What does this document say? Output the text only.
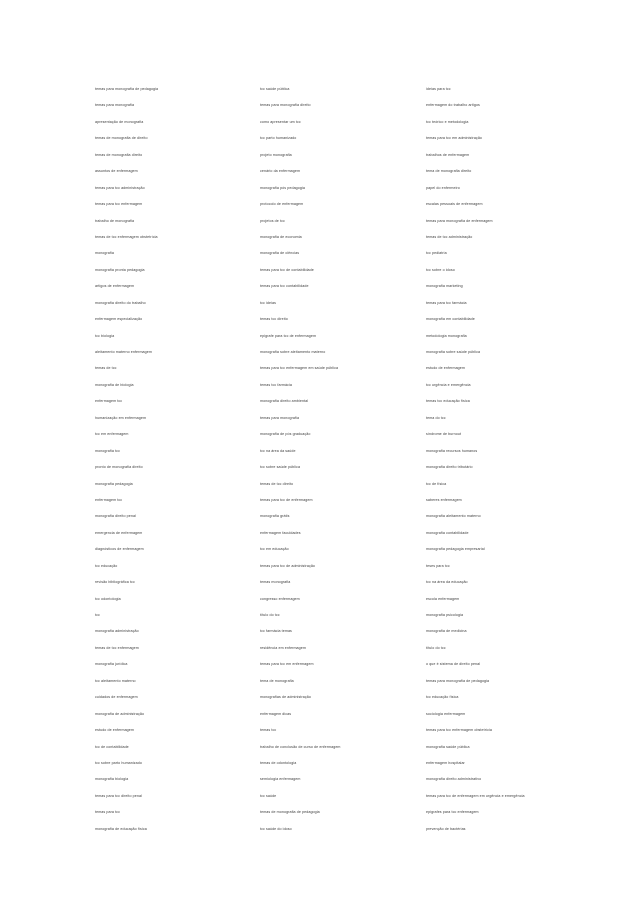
temas para monografia de pedagogia
temas para monografia
apresentação de monografia
temas de monografia de direito
temas de monografia direito
assuntos de enfermagem
temas para tcc administração
temas para tcc enfermagem
trabalho de monografia
temas de tcc enfermagem obstetrícia
monografia
monografia pronta pedagogia
artigos de enfermagem
monografia direito do trabalho
enfermagem especialização
tcc biologia
aleitamento materno enfermagem
temas de tcc
monografia de biologia
enfermagem tcc
humanização em enfermagem
tcc em enfermagem
monografia tcc
pronto de monografia direito
monografia pedagogia
enfermagem tcc
monografia direito penal
emergencia de enfermagem
diagnósticos de enfermagem
tcc educação
revisão bibliográfica tcc
tcc odontologia
tcc
monografia administração
temas de tcc enfermagem
monografia jurídica
tcc aleitamento materno
cuidados de enfermagem
monografia de administração
estudo de enfermagem
tcc de contabilidade
tcc sobre parto humanizado
monografia biologia
temas para tcc direito penal
temas para tcc
monografia de educação física
tcc saúde pública
temas para monografia direito
como apresentar um tcc
tcc parto humanizado
projeto monografia
cenário da enfermagem
monografia pós pedagogia
protocolo de enfermagem
projetos de tcc
monografia de economia
monografia de ciências
temas para tcc de contabilidade
temas para tcc contabilidade
tcc ideias
temas tcc direito
epigrafe para tcc de enfermagem
monografia sobre aleitamento materno
temas para tcc enfermagem em saúde pública
temas tcc farmácia
monografia direito ambiental
temas para monografia
monografia de pós graduação
tcc na área da saúde
tcc sobre saúde pública
temas de tcc direito
temas para tcc de enfermagem
monografia grátis
enfermagem faculdades
tcc em educação
temas para tcc de administração
temas monografia
congresso enfermagem
título do tcc
tcc farmácia temas
residência em enfermagem
temas para tcc em enfermagem
tema de monografia
monografias de administração
enfermagem dicas
temas tcc
trabalho de conclusão de curso de enfermagem
temas de odontologia
semiologia enfermagem
tcc saúde
temas de monografia de pedagogia
tcc saúde do idoso
ideias para tcc
enfermagem do trabalho artigos
tcc teórico e metodologia
temas para tcc em administração
trabalhos de enfermagem
tema de monografia direito
papel do enfermeiro
escalas pessoais de enfermagem
temas para monografia de enfermagem
temas de tcc administração
tcc pediatria
tcc sobre o idoso
monografia marketing
temas para tcc farmácia
monografia em contabilidade
metodologia monografia
monografia sobre saúde pública
estudo de enfermagem
tcc urgência e emergência
temas tcc educação física
tema do tcc
síndrome de burnout
monografia recursos humanos
monografia direito tributário
tcc de física
saberes enfermagem
monografia aleitamento materno
monografia contabilidade
monografia pedagogia empresarial
teses para tcc
tcc na área da educação
escola enfermagem
monografia psicologia
monografia de medicina
título do tcc
o que é sistema de direito penal
temas para monografia de pedagogia
tcc educação física
sociologia enfermagem
temas para tcc enfermagem obstetrícia
monografia saúde pública
enfermagem hospitalar
monografia direito administrativo
temas para tcc de enfermagem em urgência e emergência
epigrafes para tcc enfermagem
prevenção de bactérias
